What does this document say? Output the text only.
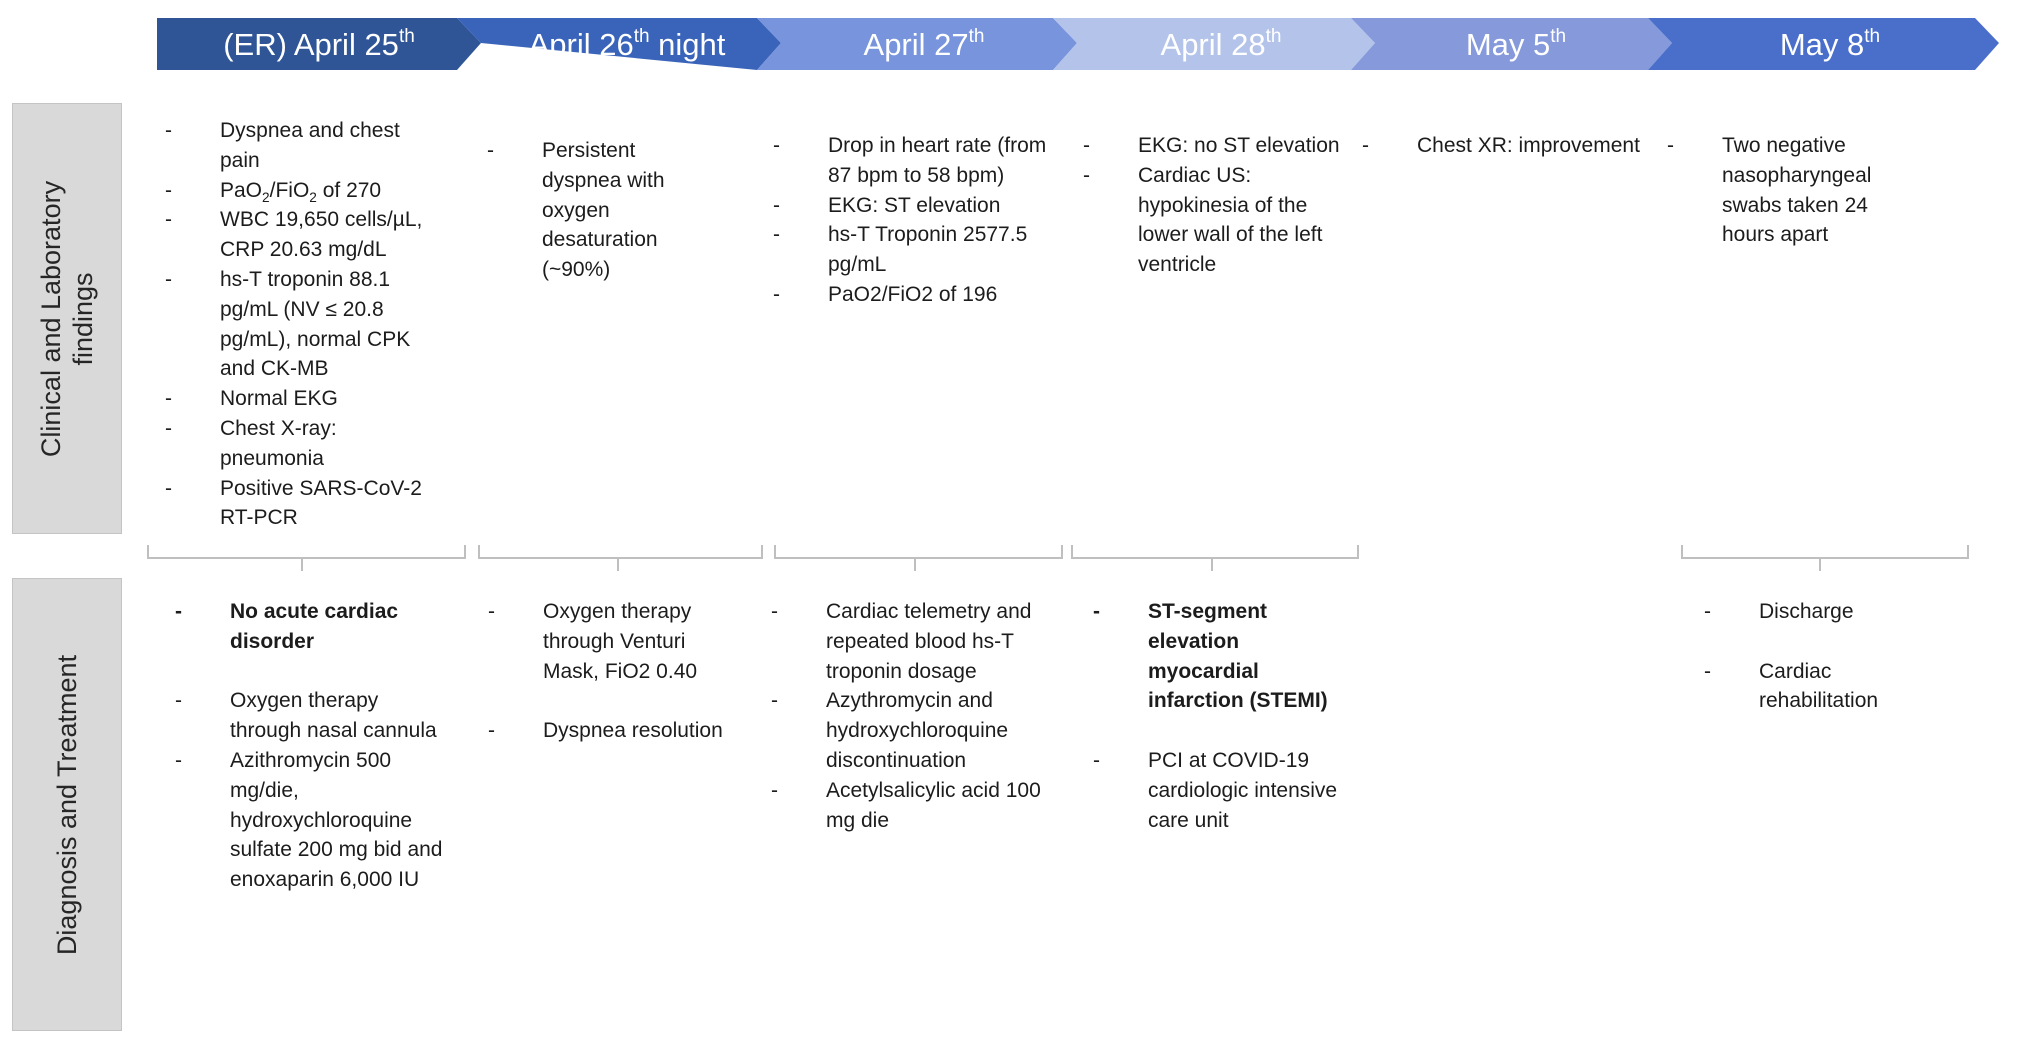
(ER) April 25th	April 26th night	April 27th	April 28th	May 5th	May 8th
Clinical and Laboratory findings
Diagnosis and Treatment
- Dyspnea and chest pain
- PaO$_2$/FiO$_2$ of 270
- WBC 19,650 cells/µL, CRP 20.63 mg/dL
- hs-T troponin 88.1 pg/mL (NV ≤ 20.8 pg/mL), normal CPK and CK-MB
- Normal EKG
- Chest X-ray: pneumonia
- Positive SARS-CoV-2 RT-PCR
- Persistent dyspnea with oxygen desaturation (~90%)
- Drop in heart rate (from 87 bpm to 58 bpm)
- EKG: ST elevation
- hs-T Troponin 2577.5 pg/mL
- PaO2/FiO2 of 196
- EKG: no ST elevation
- Cardiac US: hypokinesia of the lower wall of the left ventricle
- Chest XR: improvement
-	Two negative nasopharyngeal swabs taken 24 hours apart
- No acute cardiac disorder
- Oxygen therapy through nasal cannula
- Azithromycin 500 mg/die, hydroxychloroquine sulfate 200 mg bid and enoxaparin 6,000 IU
- Oxygen therapy through Venturi Mask, FiO2 0.40
- Dyspnea resolution
- Cardiac telemetry and repeated blood hs-T troponin dosage
- Azythromycin and hydroxychloroquine discontinuation
- Acetylsalicylic acid 100 mg die
- ST-segment elevation myocardial infarction (STEMI)
- PCI at COVID-19 cardiologic intensive care unit
- Discharge
- Cardiac rehabilitation
